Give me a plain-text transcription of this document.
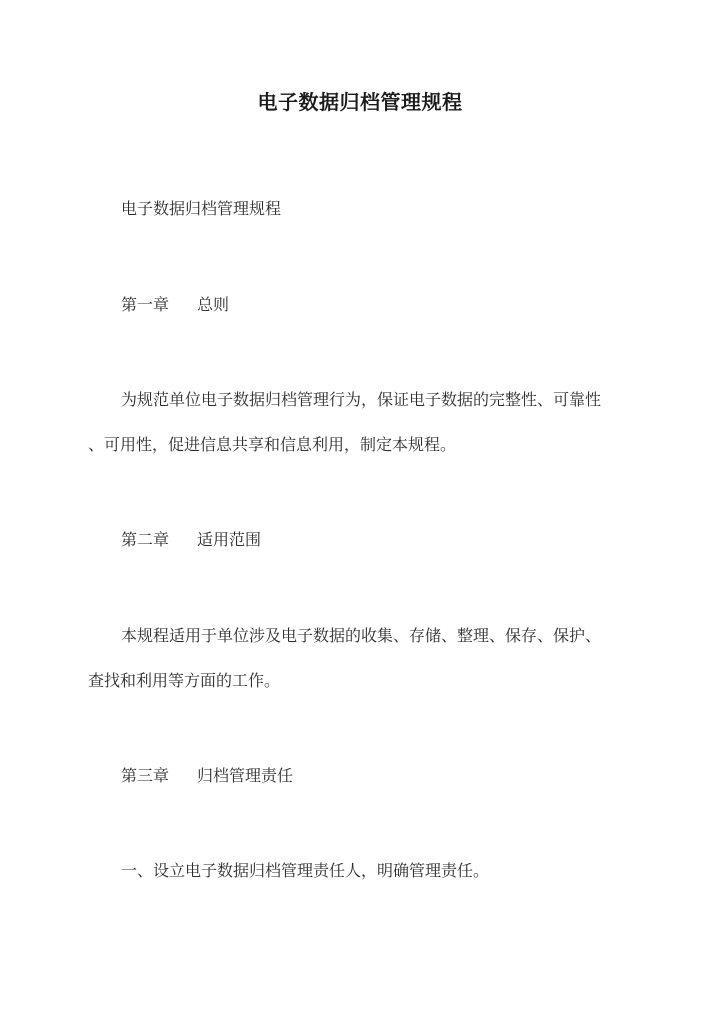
电子数据归档管理规程
电子数据归档管理规程
第一章 总则
为规范单位电子数据归档管理行为，保证电子数据的完整性、可靠性
、可用性，促进信息共享和信息利用，制定本规程。
第二章 适用范围
本规程适用于单位涉及电子数据的收集、存储、整理、保存、保护、
查找和利用等方面的工作。
第三章 归档管理责任
一、设立电子数据归档管理责任人，明确管理责任。
